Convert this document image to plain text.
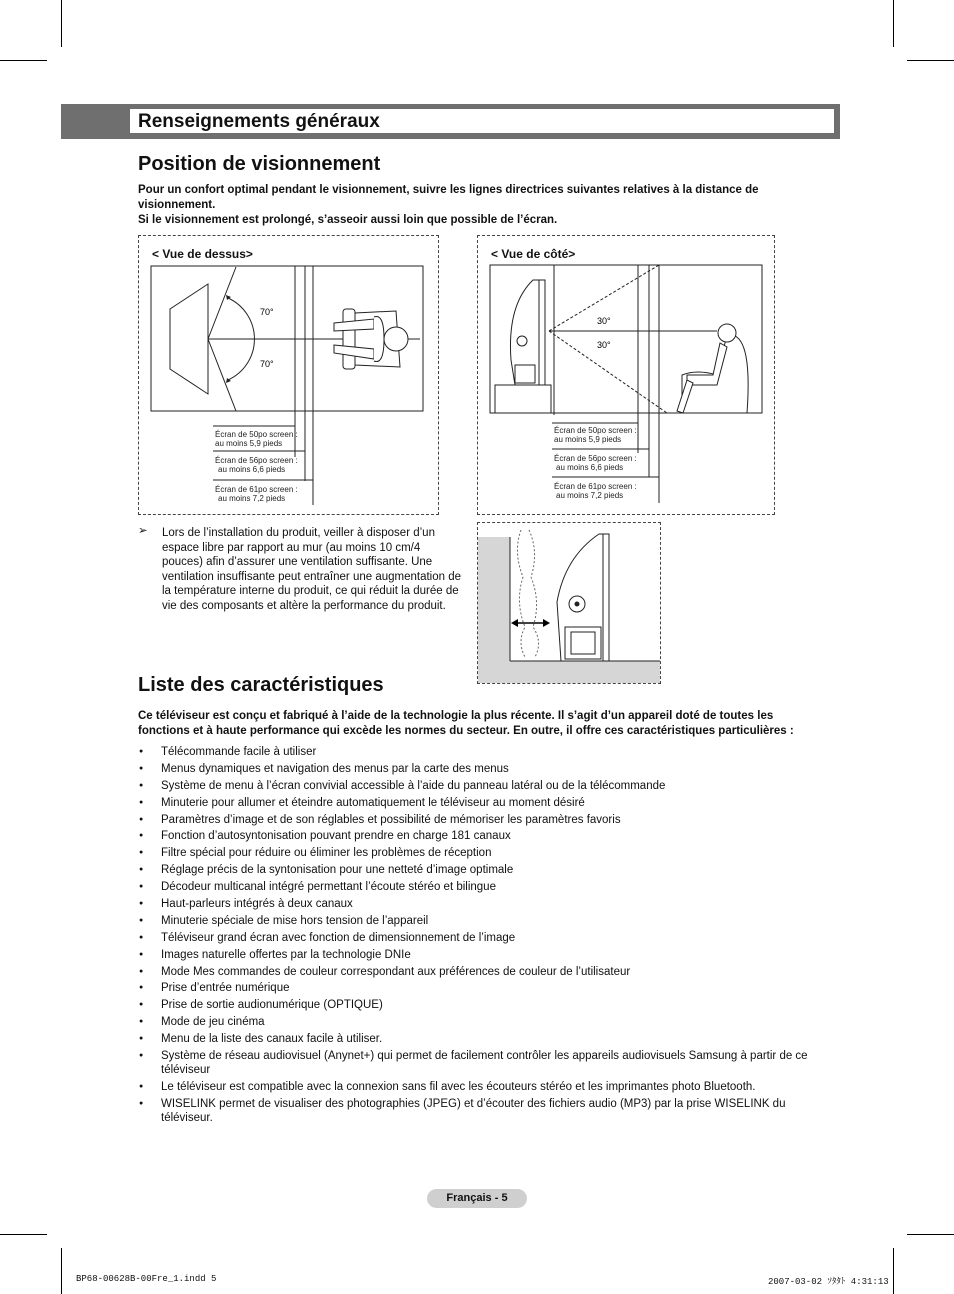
Renseignements généraux
Position de visionnement

Pour un confort optimal pendant le visionnement, suivre les lignes directrices suivantes relatives à la distance de visionnement.

Si le visionnement est prolongé, s’asseoir aussi loin que possible de l’écran.

< Vue de dessus>
70°
70°
Écran de 50po screen :
au moins 5,9 pieds
Écran de 56po screen :
au moins 6,6 pieds
Écran de 61po screen :
au moins 7,2 pieds
< Vue de côté>
30°
30°
Écran de 50po screen :
au moins 5,9 pieds
Écran de 56po screen :
au moins 6,6 pieds
Écran de 61po screen :
au moins 7,2 pieds
➢ Lors de l’installation du produit, veiller à disposer d’un espace libre par rapport au mur (au moins 10 cm/4 pouces) afin d’assurer une ventilation suffisante. Une ventilation insuffisante peut entraîner une augmentation de la température interne du produit, ce qui réduit la durée de vie des composants et altère la performance du produit.
Liste des caractéristiques
Ce téléviseur est conçu et fabriqué à l’aide de la technologie la plus récente. Il s’agit d’un appareil doté de toutes les fonctions et à haute performance qui excède les normes du secteur. En outre, il offre ces caractéristiques particulières :
● Télécommande facile à utiliser
● Menus dynamiques et navigation des menus par la carte des menus
● Système de menu à l’écran convivial accessible à l’aide du panneau latéral ou de la télécommande
● Minuterie pour allumer et éteindre automatiquement le téléviseur au moment désiré
● Paramètres d’image et de son réglables et possibilité de mémoriser les paramètres favoris
● Fonction d’autosyntonisation pouvant prendre en charge 181 canaux
● Filtre spécial pour réduire ou éliminer les problèmes de réception
● Réglage précis de la syntonisation pour une netteté d’image optimale
● Décodeur multicanal intégré permettant l’écoute stéréo et bilingue
● Haut-parleurs intégrés à deux canaux
● Minuterie spéciale de mise hors tension de l’appareil
● Téléviseur grand écran avec fonction de dimensionnement de l’image
● Images naturelle offertes par la technologie DNIe
● Mode Mes commandes de couleur correspondant aux préférences de couleur de l’utilisateur
● Prise d’entrée numérique
● Prise de sortie audionumérique (OPTIQUE)
● Mode de jeu cinéma
● Menu de la liste des canaux facile à utiliser.
● Système de réseau audiovisuel (Anynet+) qui permet de facilement contrôler les appareils audiovisuels Samsung à partir de ce téléviseur
● Le téléviseur est compatible avec la connexion sans fil avec les écouteurs stéréo et les imprimantes photo Bluetooth.
● WISELINK permet de visualiser des photographies (JPEG) et d’écouter des fichiers audio (MP3) par la prise WISELINK du téléviseur.
Français - 5
BP68-00628B-00Fre_1.indd 5	2007-03-02 ｿﾀﾀﾄ 4:31:13
